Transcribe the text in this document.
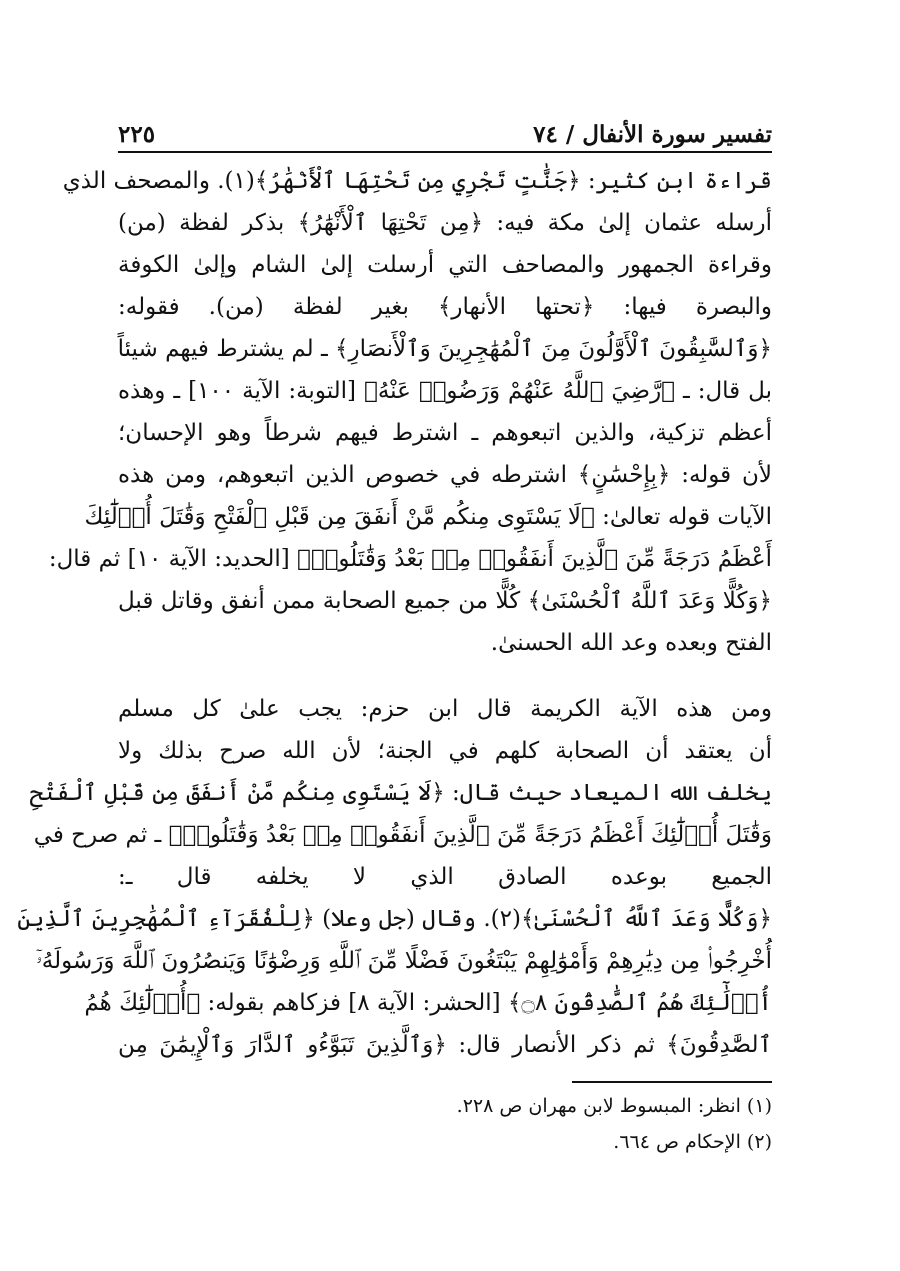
تفسير سورة الأنفال / ٧٤
٢٢٥
قراءة ابن كثير: ﴿جَنَّٰتٍ تَجْرِي مِن تَحْتِهَا ٱلْأَنْهَٰرُ﴾(١). والمصحف الذي
أرسله عثمان إلىٰ مكة فيه: ﴿مِن تَحْتِهَا ٱلْأَنْهَٰرُ﴾ بذكر لفظة (من)
وقراءة الجمهور والمصاحف التي أرسلت إلىٰ الشام وإلىٰ الكوفة
والبصرة فيها: ﴿تحتها الأنهار﴾ بغير لفظة (من). فقوله:
﴿وَٱلسَّٰبِقُونَ ٱلْأَوَّلُونَ مِنَ ٱلْمُهَٰجِرِينَ وَٱلْأَنصَارِ﴾ ـ لم يشترط فيهم شيئاً
بل قال: ـ ﴿رَّضِيَ ٱللَّهُ عَنْهُمْ وَرَضُوا۟ عَنْهُ﴾ [التوبة: الآية ١٠٠] ـ وهذه
أعظم تزكية، والذين اتبعوهم ـ اشترط فيهم شرطاً وهو الإحسان؛
لأن قوله: ﴿بِإِحْسَٰنٍ﴾ اشترطه في خصوص الذين اتبعوهم، ومن هذه
الآيات قوله تعالىٰ: ﴿لَا يَسْتَوِى مِنكُم مَّنْ أَنفَقَ مِن قَبْلِ ٱلْفَتْحِ وَقَٰتَلَ أُو۟لَٰٓئِكَ
أَعْظَمُ دَرَجَةً مِّنَ ٱلَّذِينَ أَنفَقُوا۟ مِنۢ بَعْدُ وَقَٰتَلُوا۟﴾ [الحديد: الآية ١٠] ثم قال:
﴿وَكُلًّا وَعَدَ ٱللَّهُ ٱلْحُسْنَىٰ﴾ كُلًّا من جميع الصحابة ممن أنفق وقاتل قبل
الفتح وبعده وعد الله الحسنىٰ.
ومن هذه الآية الكريمة قال ابن حزم: يجب علىٰ كل مسلم
أن يعتقد أن الصحابة كلهم في الجنة؛ لأن الله صرح بذلك ولا
يخلف الله الميعاد حيث قال: ﴿لَا يَسْتَوِى مِنكُم مَّنْ أَنفَقَ مِن قَبْلِ ٱلْفَتْحِ
وَقَٰتَلَ أُو۟لَٰٓئِكَ أَعْظَمُ دَرَجَةً مِّنَ ٱلَّذِينَ أَنفَقُوا۟ مِنۢ بَعْدُ وَقَٰتَلُوا۟﴾ ـ ثم صرح في
الجميع بوعده الصادق الذي لا يخلفه قال ـ:
﴿وَكُلًّا وَعَدَ ٱللَّهُ ٱلْحُسْنَىٰ﴾(٢). وقال (جل وعلا) ﴿لِلْفُقَرَآءِ ٱلْمُهَٰجِرِينَ ٱلَّذِينَ
أُخْرِجُوا۟ مِن دِيَٰرِهِمْ وَأَمْوَٰلِهِمْ يَبْتَغُونَ فَضْلًا مِّنَ ٱللَّهِ وَرِضْوَٰنًا وَيَنصُرُونَ ٱللَّهَ وَرَسُولَهُۥٓ
أُو۟لَٰٓئِكَ هُمُ ٱلصَّٰدِقُونَ ۝٨﴾ [الحشر: الآية ٨] فزكاهم بقوله: ﴿أُو۟لَٰٓئِكَ هُمُ
ٱلصَّٰدِقُونَ﴾ ثم ذكر الأنصار قال: ﴿وَٱلَّذِينَ تَبَوَّءُو ٱلدَّارَ وَٱلْإِيمَٰنَ مِن
(١) انظر: المبسوط لابن مهران ص ٢٢٨.
(٢) الإحكام ص ٦٦٤.
